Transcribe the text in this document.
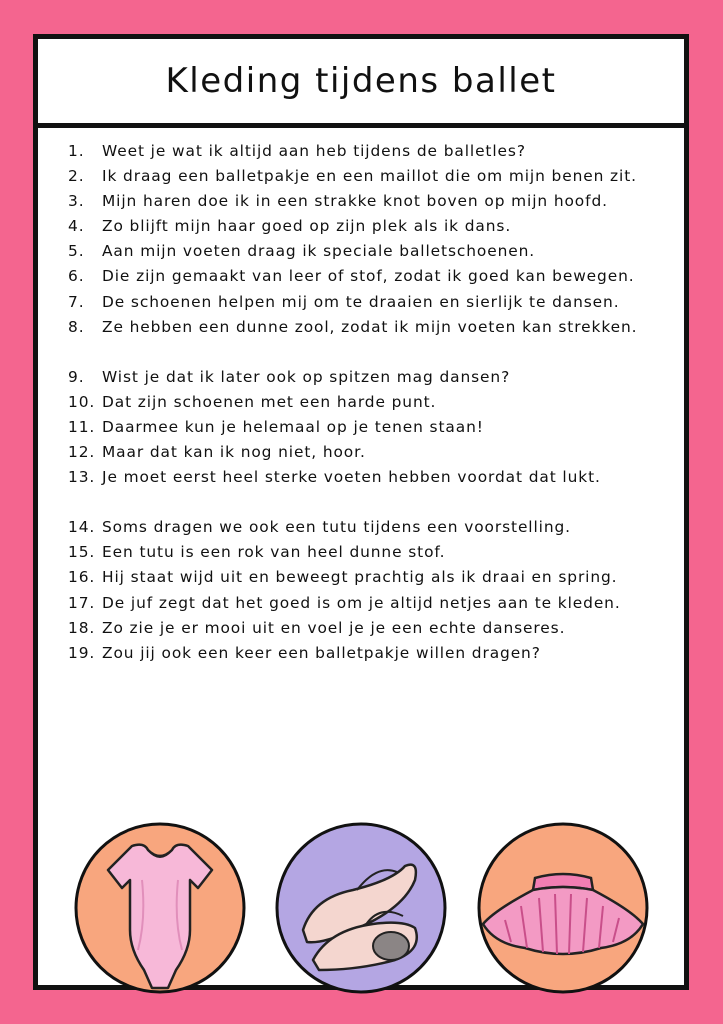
Kleding tijdens ballet
1.	Weet je wat ik altijd aan heb tijdens de balletles?
2.	Ik draag een balletpakje en een maillot die om mijn benen zit.
3.	Mijn haren doe ik in een strakke knot boven op mijn hoofd.
4.	Zo blijft mijn haar goed op zijn plek als ik dans.
5.	Aan mijn voeten draag ik speciale balletschoenen.
6.	Die zijn gemaakt van leer of stof, zodat ik goed kan bewegen.
7.	De schoenen helpen mij om te draaien en sierlijk te dansen.
8.	Ze hebben een dunne zool, zodat ik mijn voeten kan strekken.
9.	Wist je dat ik later ook op spitzen mag dansen?
10. Dat zijn schoenen met een harde punt.
11. Daarmee kun je helemaal op je tenen staan!
12. Maar dat kan ik nog niet, hoor.
13. Je moet eerst heel sterke voeten hebben voordat dat lukt.
14. Soms dragen we ook een tutu tijdens een voorstelling.
15. Een tutu is een rok van heel dunne stof.
16. Hij staat wijd uit en beweegt prachtig als ik draai en spring.
17. De juf zegt dat het goed is om je altijd netjes aan te kleden.
18. Zo zie je er mooi uit en voel je je een echte danseres.
19. Zou jij ook een keer een balletpakje willen dragen?
